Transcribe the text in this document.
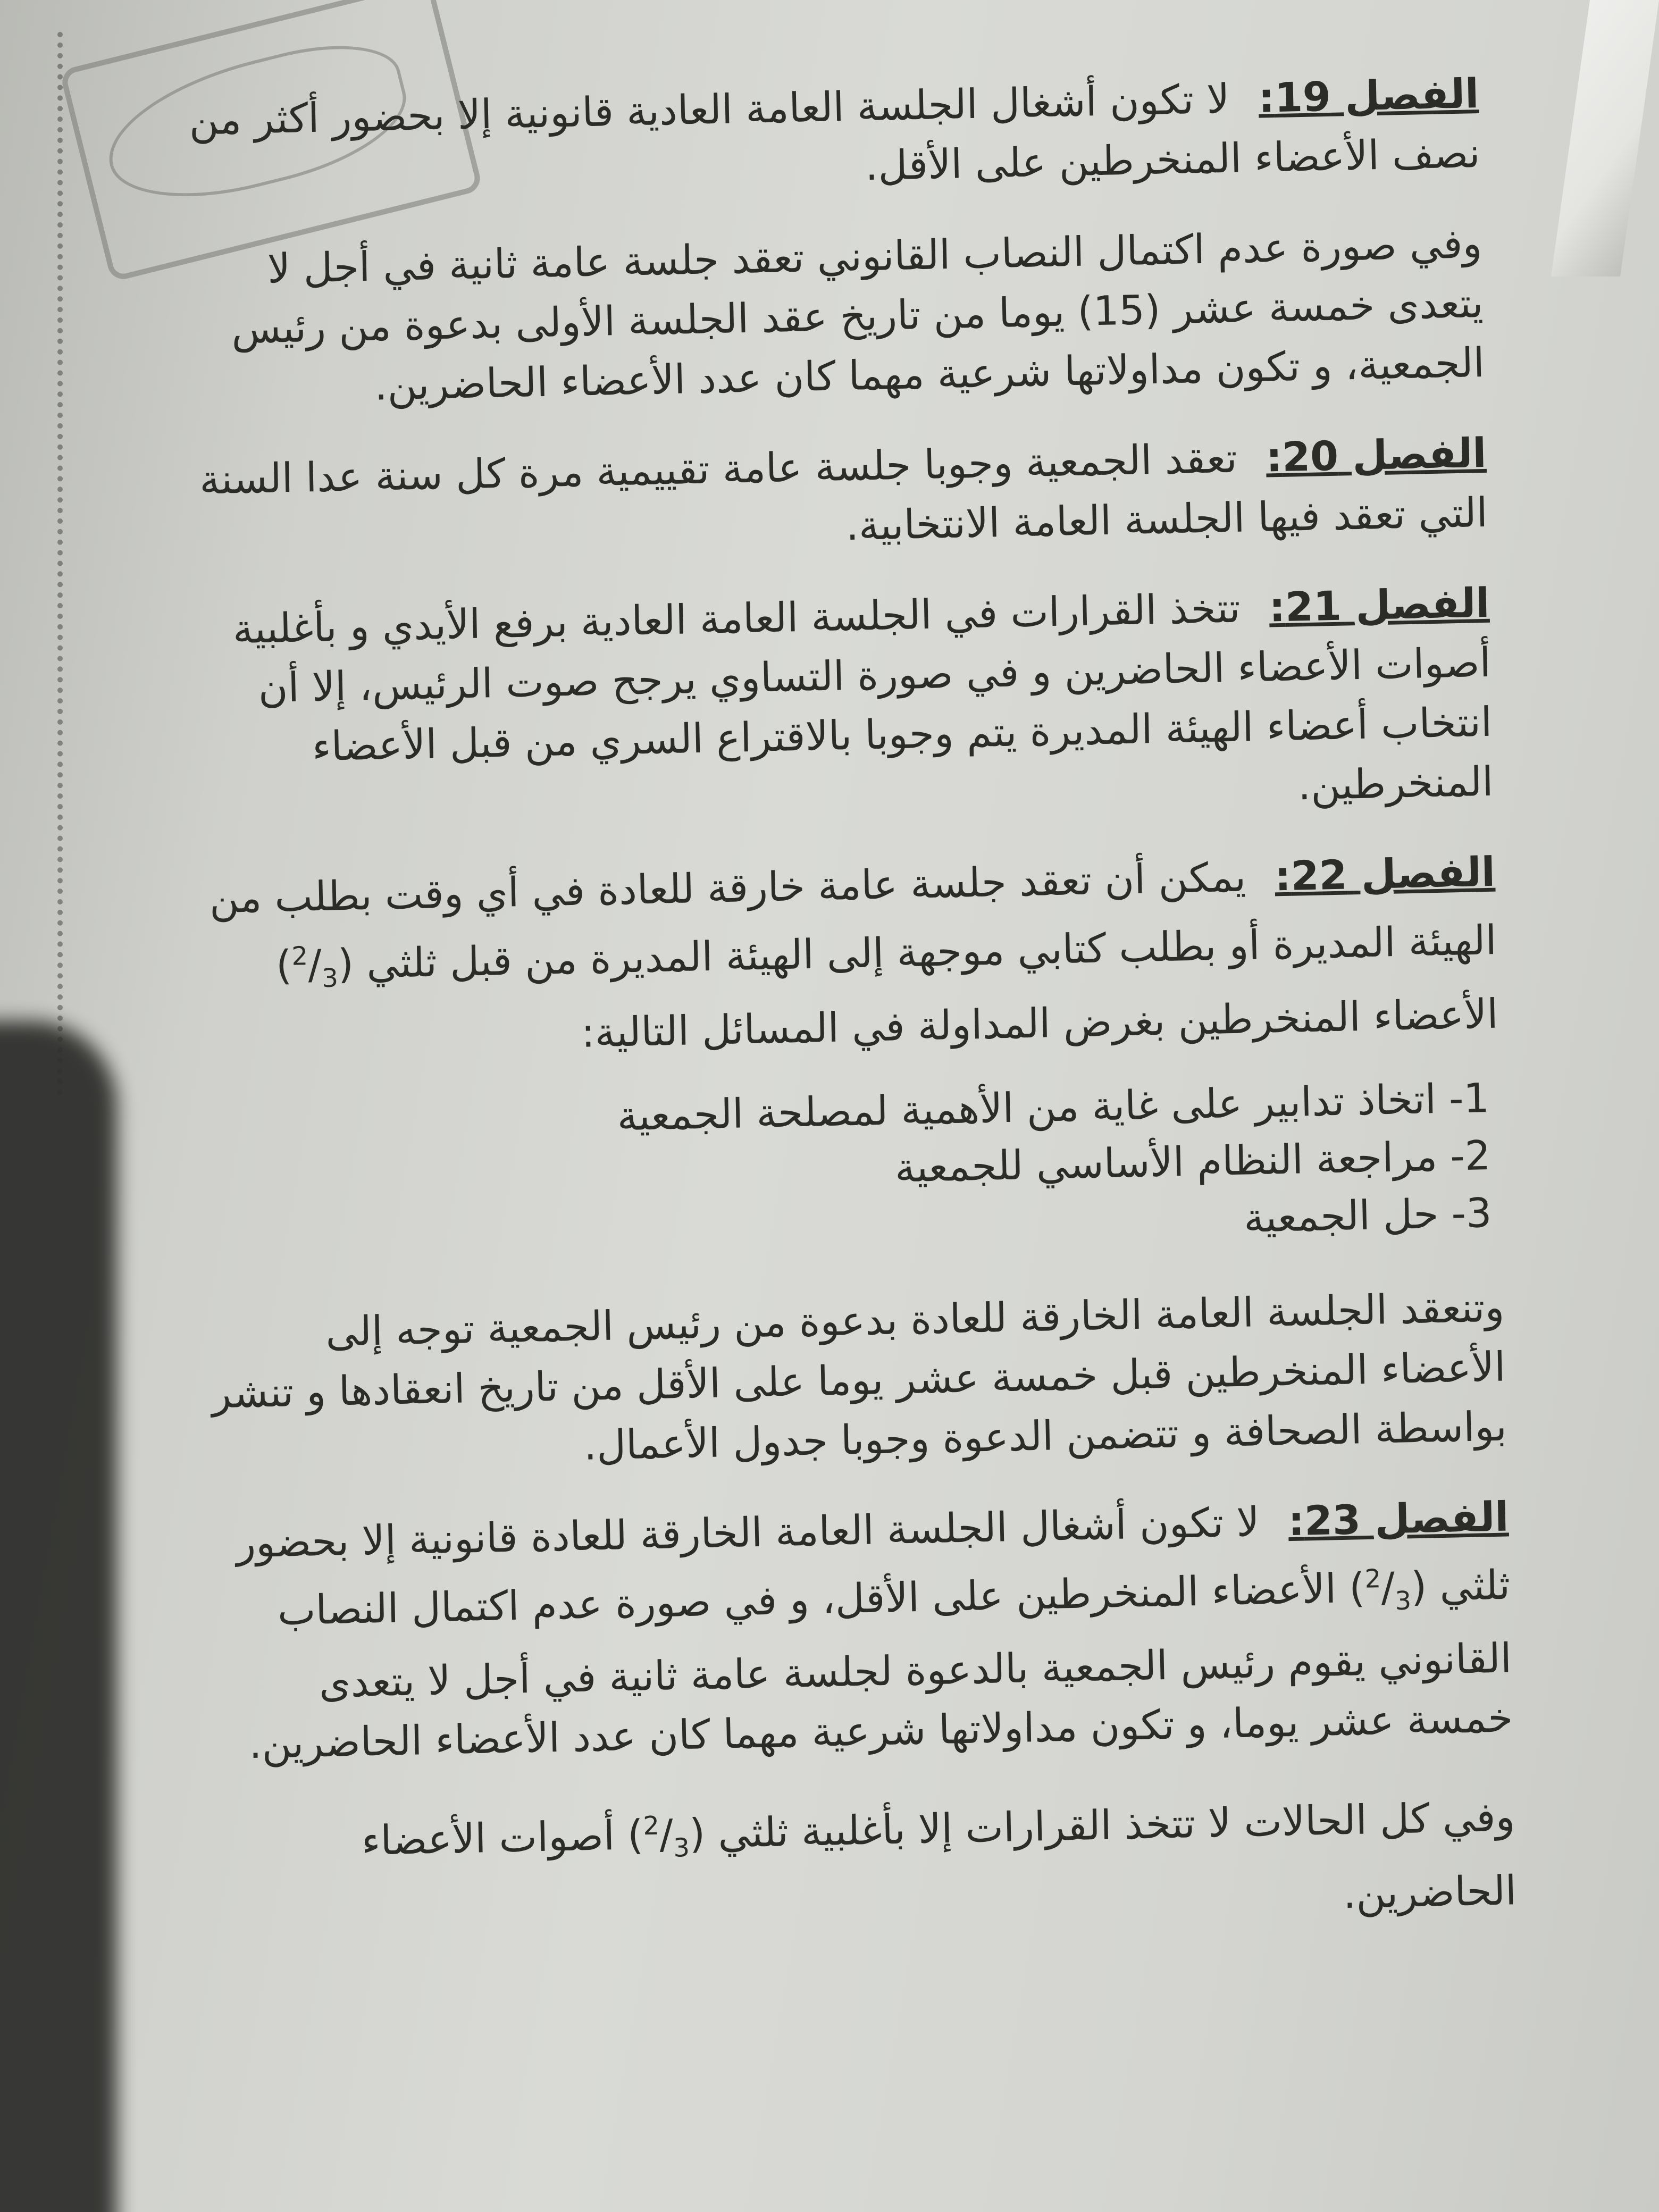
الفصل 19: لا تكون أشغال الجلسة العامة العادية قانونية إلا بحضور أكثر من نصف الأعضاء المنخرطين على الأقل.
وفي صورة عدم اكتمال النصاب القانوني تعقد جلسة عامة ثانية في أجل لا يتعدى خمسة عشر (15) يوما من تاريخ عقد الجلسة الأولى بدعوة من رئيس الجمعية، و تكون مداولاتها شرعية مهما كان عدد الأعضاء الحاضرين.
الفصل 20: تعقد الجمعية وجوبا جلسة عامة تقييمية مرة كل سنة عدا السنة التي تعقد فيها الجلسة العامة الانتخابية.
الفصل 21: تتخذ القرارات في الجلسة العامة العادية برفع الأيدي و بأغلبية أصوات الأعضاء الحاضرين و في صورة التساوي يرجح صوت الرئيس، إلا أن انتخاب أعضاء الهيئة المديرة يتم وجوبا بالاقتراع السري من قبل الأعضاء المنخرطين.
الفصل 22: يمكن أن تعقد جلسة عامة خارقة للعادة في أي وقت بطلب من الهيئة المديرة أو بطلب كتابي موجهة إلى الهيئة المديرة من قبل ثلثي $(^2/_3)$ الأعضاء المنخرطين بغرض المداولة في المسائل التالية:
1- اتخاذ تدابير على غاية من الأهمية لمصلحة الجمعية
2- مراجعة النظام الأساسي للجمعية
3- حل الجمعية
وتنعقد الجلسة العامة الخارقة للعادة بدعوة من رئيس الجمعية توجه إلى الأعضاء المنخرطين قبل خمسة عشر يوما على الأقل من تاريخ انعقادها و تنشر بواسطة الصحافة و تتضمن الدعوة وجوبا جدول الأعمال.
الفصل 23: لا تكون أشغال الجلسة العامة الخارقة للعادة قانونية إلا بحضور ثلثي $(^2/_3)$ الأعضاء المنخرطين على الأقل، و في صورة عدم اكتمال النصاب القانوني يقوم رئيس الجمعية بالدعوة لجلسة عامة ثانية في أجل لا يتعدى خمسة عشر يوما، و تكون مداولاتها شرعية مهما كان عدد الأعضاء الحاضرين.
وفي كل الحالات لا تتخذ القرارات إلا بأغلبية ثلثي $(^2/_3)$ أصوات الأعضاء الحاضرين.
